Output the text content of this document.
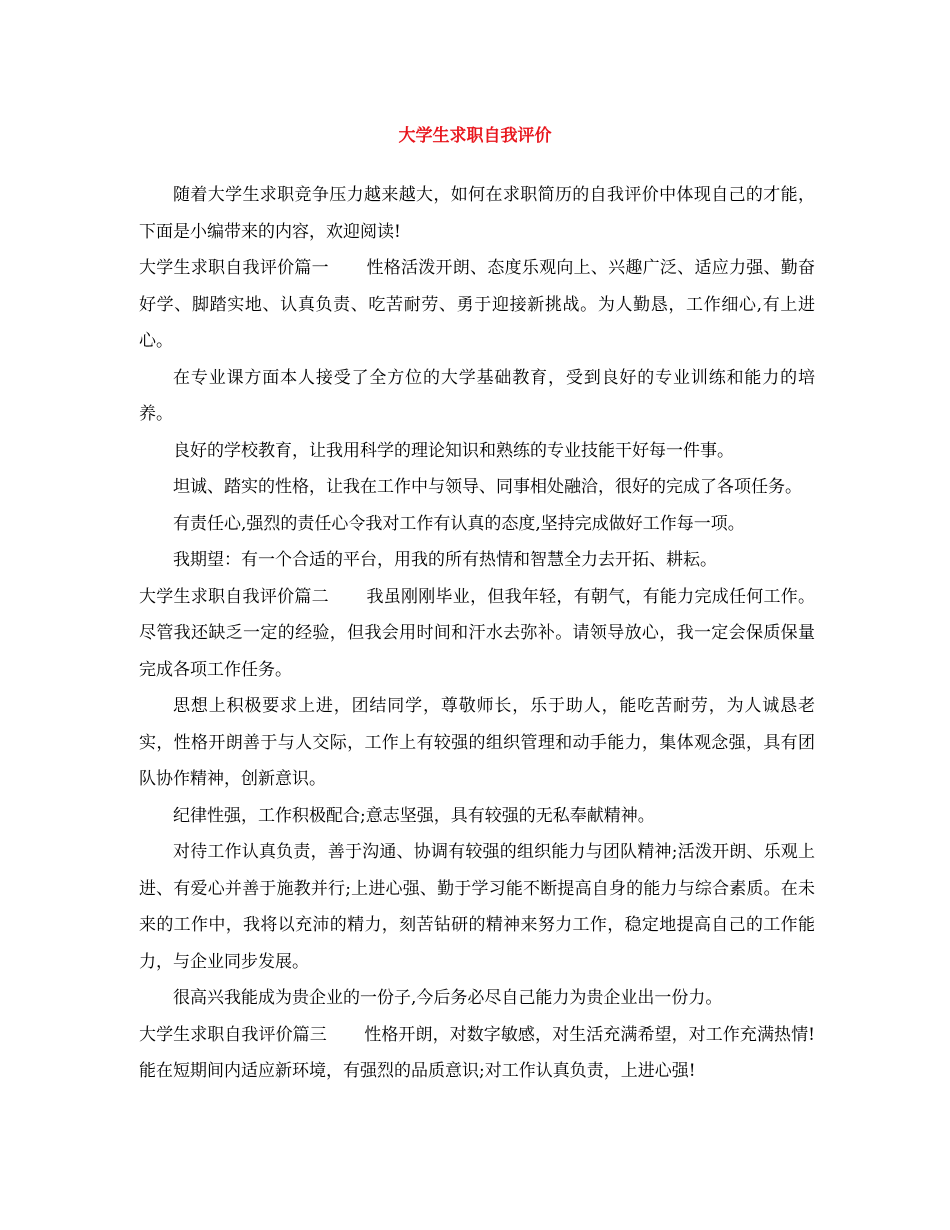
大学生求职自我评价

随着大学生求职竞争压力越来越大，如何在求职简历的自我评价中体现自己的才能，下面是小编带来的内容，欢迎阅读!

大学生求职自我评价篇一 性格活泼开朗、态度乐观向上、兴趣广泛、适应力强、勤奋好学、脚踏实地、认真负责、吃苦耐劳、勇于迎接新挑战。为人勤恳，工作细心,有上进心。

在专业课方面本人接受了全方位的大学基础教育，受到良好的专业训练和能力的培养。

良好的学校教育，让我用科学的理论知识和熟练的专业技能干好每一件事。

坦诚、踏实的性格，让我在工作中与领导、同事相处融洽，很好的完成了各项任务。

有责任心,强烈的责任心令我对工作有认真的态度,坚持完成做好工作每一项。

我期望：有一个合适的平台，用我的所有热情和智慧全力去开拓、耕耘。

大学生求职自我评价篇二 我虽刚刚毕业，但我年轻，有朝气，有能力完成任何工作。尽管我还缺乏一定的经验，但我会用时间和汗水去弥补。请领导放心，我一定会保质保量完成各项工作任务。

思想上积极要求上进，团结同学，尊敬师长，乐于助人，能吃苦耐劳，为人诚恳老实，性格开朗善于与人交际，工作上有较强的组织管理和动手能力，集体观念强，具有团队协作精神，创新意识。

纪律性强，工作积极配合;意志坚强，具有较强的无私奉献精神。

对待工作认真负责，善于沟通、协调有较强的组织能力与团队精神;活泼开朗、乐观上进、有爱心并善于施教并行;上进心强、勤于学习能不断提高自身的能力与综合素质。在未来的工作中，我将以充沛的精力，刻苦钻研的精神来努力工作，稳定地提高自己的工作能力，与企业同步发展。

很高兴我能成为贵企业的一份子,今后务必尽自己能力为贵企业出一份力。

大学生求职自我评价篇三 性格开朗，对数字敏感，对生活充满希望，对工作充满热情!能在短期间内适应新环境，有强烈的品质意识;对工作认真负责，上进心强!
